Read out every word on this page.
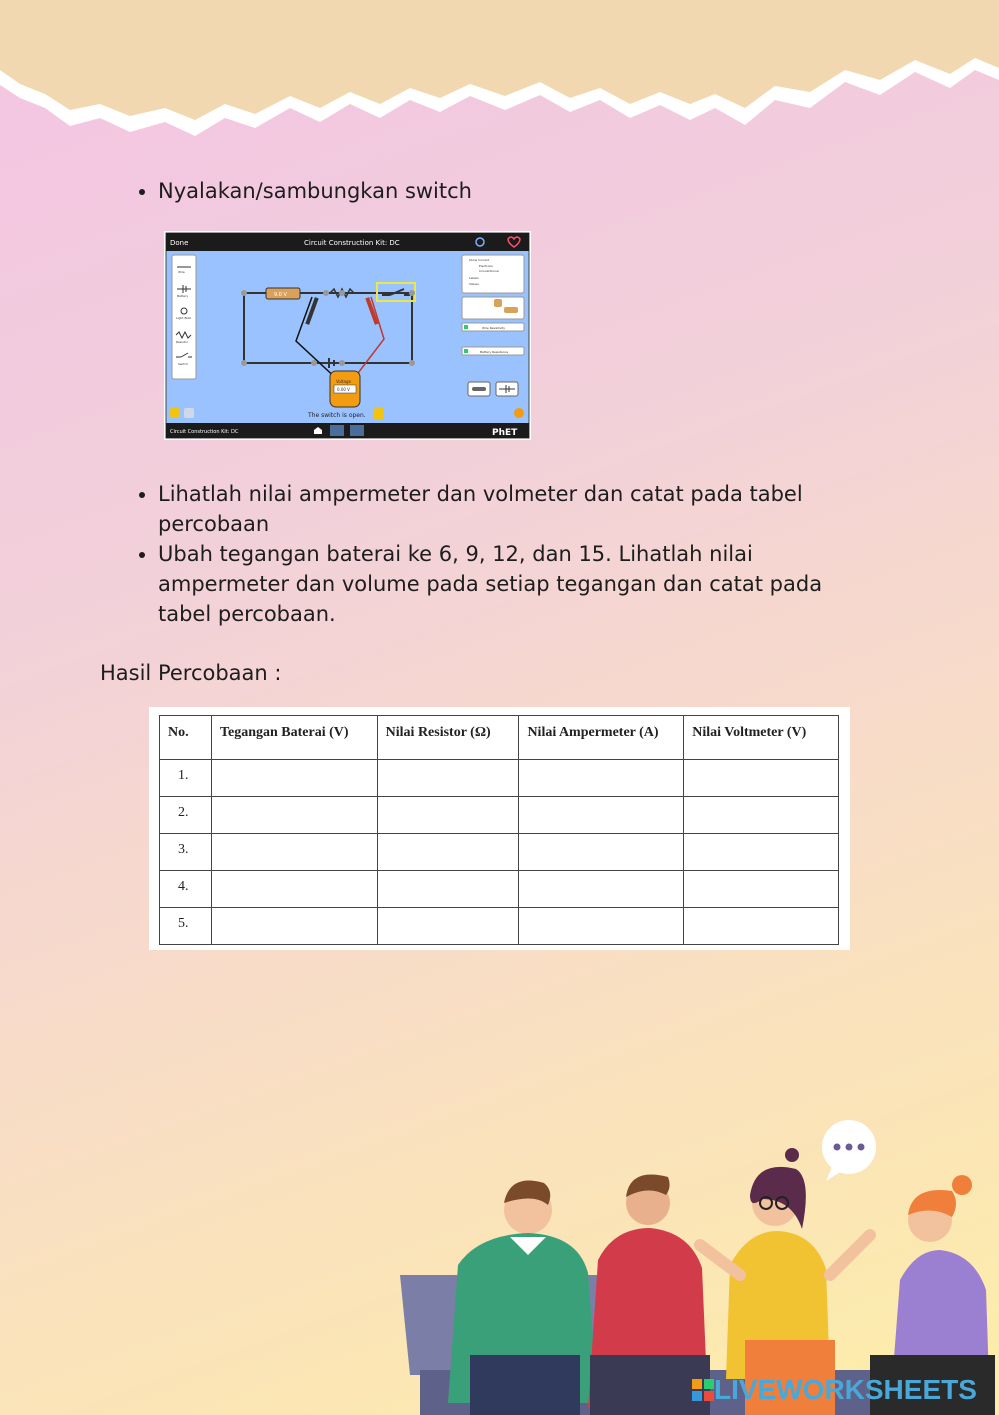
• Nyalakan/sambungkan switch
Done	Circuit Construction Kit: DC
Wire
Battery
Light Bulb
Resistor
Switch
9.0 V
Voltage
0.00 V
The switch is open.
Show Current
Electrons
Conventional
Labels
Values
Wire Resistivity
Battery Resistance
Circuit Construction Kit: DC	PhET
• Lihatlah nilai ampermeter dan volmeter dan catat pada tabel percobaan
• Ubah tegangan baterai ke 6, 9, 12, dan 15. Lihatlah nilai ampermeter dan volume pada setiap tegangan dan catat pada tabel percobaan.
Hasil Percobaan :
No.	Tegangan Baterai (V)	Nilai Resistor (Ω)	Nilai Ampermeter (A)	Nilai Voltmeter (V)
1.				
2.				
3.				
4.				
5.				
LIVEWORKSHEETS
